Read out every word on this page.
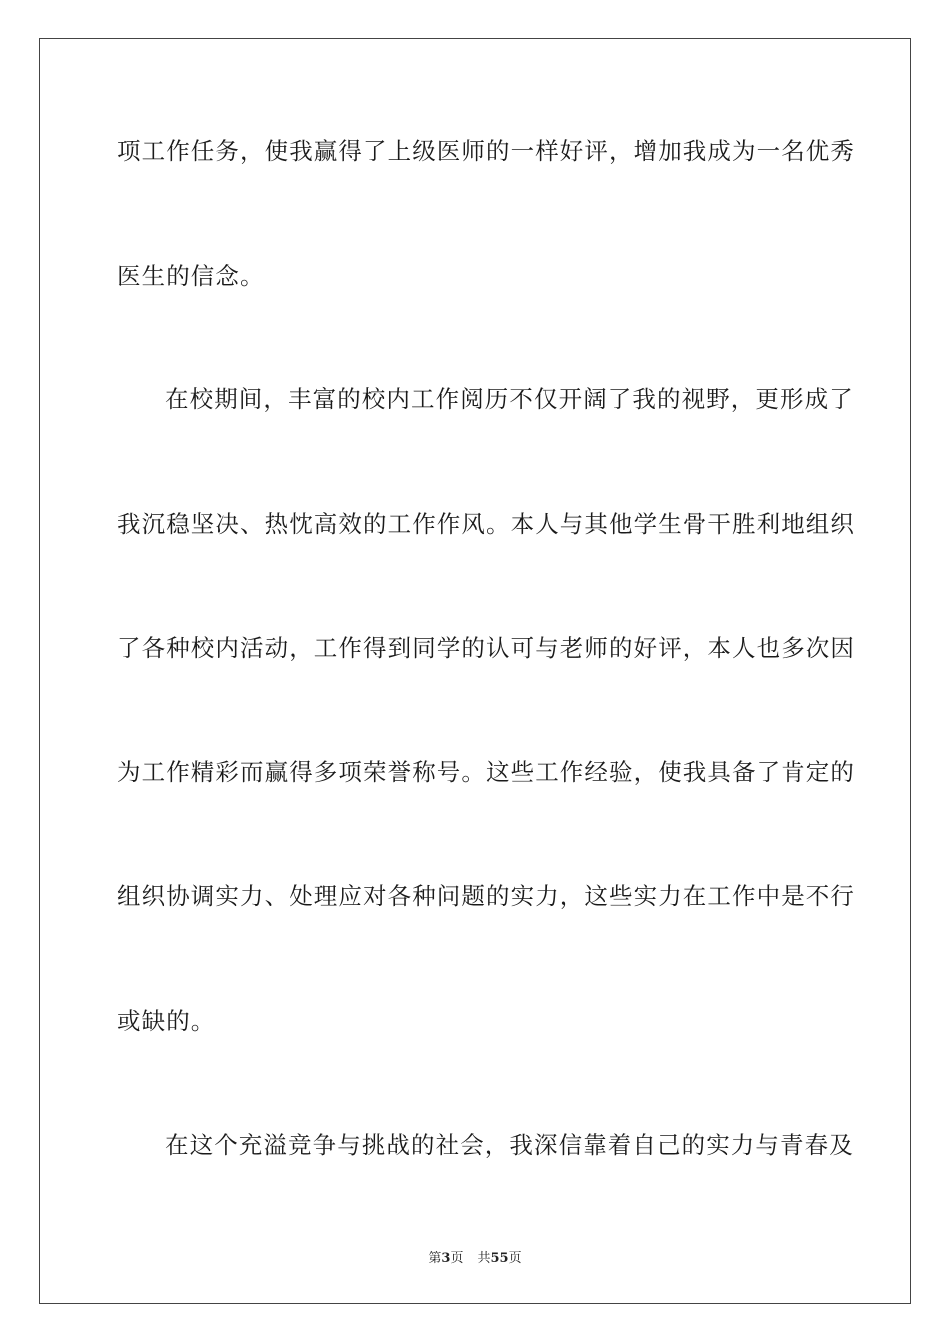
项工作任务，使我赢得了上级医师的一样好评，增加我成为一名优秀
医生的信念。
在校期间，丰富的校内工作阅历不仅开阔了我的视野，更形成了
我沉稳坚决、热忱高效的工作作风。本人与其他学生骨干胜利地组织
了各种校内活动，工作得到同学的认可与老师的好评，本人也多次因
为工作精彩而赢得多项荣誉称号。这些工作经验，使我具备了肯定的
组织协调实力、处理应对各种问题的实力，这些实力在工作中是不行
或缺的。
在这个充溢竞争与挑战的社会，我深信靠着自己的实力与青春及
第3页 共55页
